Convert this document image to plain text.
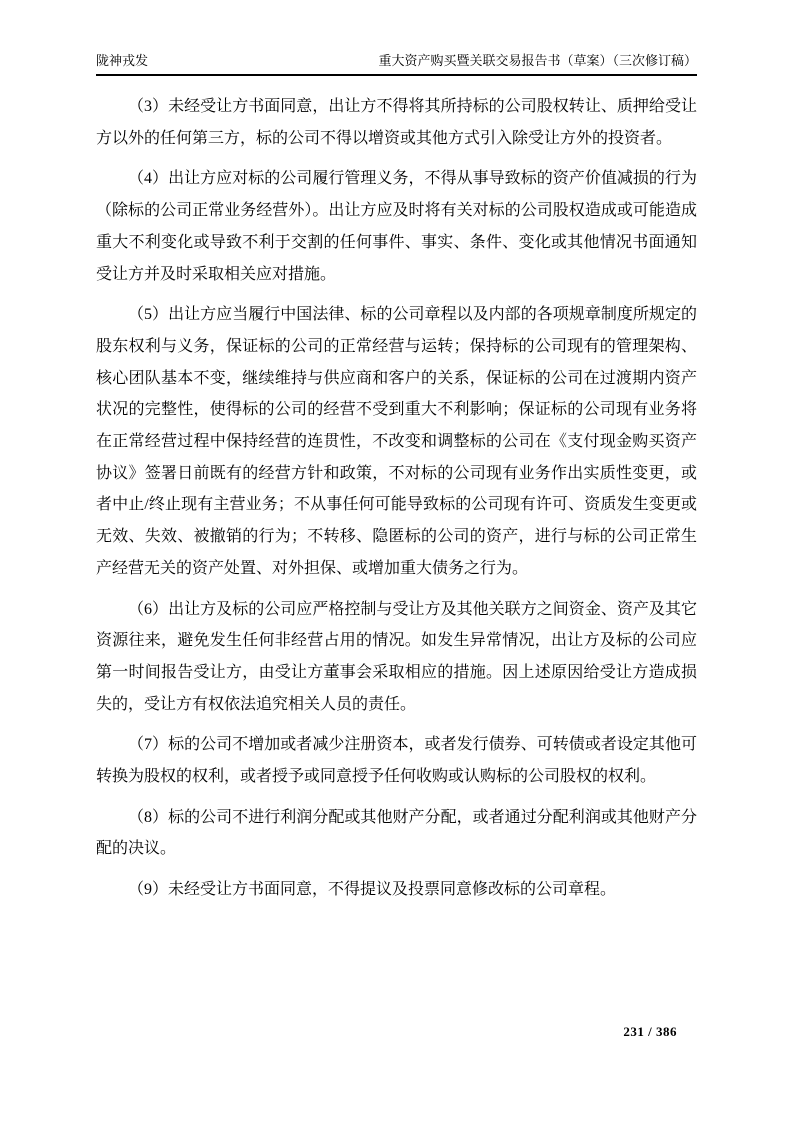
陇神戎发	重大资产购买暨关联交易报告书（草案）（三次修订稿）

（3）未经受让方书面同意，出让方不得将其所持标的公司股权转让、质押给受让方以外的任何第三方，标的公司不得以增资或其他方式引入除受让方外的投资者。

（4）出让方应对标的公司履行管理义务，不得从事导致标的资产价值减损的行为（除标的公司正常业务经营外）。出让方应及时将有关对标的公司股权造成或可能造成重大不利变化或导致不利于交割的任何事件、事实、条件、变化或其他情况书面通知受让方并及时采取相关应对措施。

（5）出让方应当履行中国法律、标的公司章程以及内部的各项规章制度所规定的股东权利与义务，保证标的公司的正常经营与运转；保持标的公司现有的管理架构、核心团队基本不变，继续维持与供应商和客户的关系，保证标的公司在过渡期内资产状况的完整性，使得标的公司的经营不受到重大不利影响；保证标的公司现有业务将在正常经营过程中保持经营的连贯性，不改变和调整标的公司在《支付现金购买资产协议》签署日前既有的经营方针和政策，不对标的公司现有业务作出实质性变更，或者中止/终止现有主营业务；不从事任何可能导致标的公司现有许可、资质发生变更或无效、失效、被撤销的行为；不转移、隐匿标的公司的资产，进行与标的公司正常生产经营无关的资产处置、对外担保、或增加重大债务之行为。

（6）出让方及标的公司应严格控制与受让方及其他关联方之间资金、资产及其它资源往来，避免发生任何非经营占用的情况。如发生异常情况，出让方及标的公司应第一时间报告受让方，由受让方董事会采取相应的措施。因上述原因给受让方造成损失的，受让方有权依法追究相关人员的责任。

（7）标的公司不增加或者减少注册资本，或者发行债券、可转债或者设定其他可转换为股权的权利，或者授予或同意授予任何收购或认购标的公司股权的权利。

（8）标的公司不进行利润分配或其他财产分配，或者通过分配利润或其他财产分配的决议。

（9）未经受让方书面同意，不得提议及投票同意修改标的公司章程。

231 / 386
